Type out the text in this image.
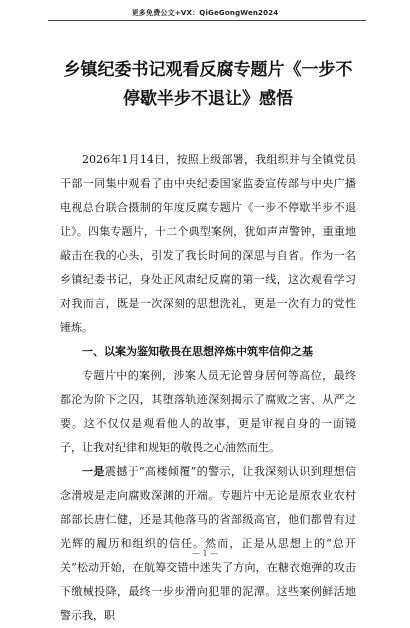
更多免费公文+VX：QiGeGongWen2024
乡镇纪委书记观看反腐专题片《一步不停歇半步不退让》感悟

2026年1月14日，按照上级部署，我组织并与全镇党员干部一同集中观看了由中央纪委国家监委宣传部与中央广播电视总台联合摄制的年度反腐专题片《一步不停歇半步不退让》。四集专题片，十二个典型案例，犹如声声警钟，重重地敲击在我的心头，引发了我长时间的深思与自省。作为一名乡镇纪委书记，身处正风肃纪反腐的第一线，这次观看学习对我而言，既是一次深刻的思想洗礼，更是一次有力的党性锤炼。

一、以案为鉴知敬畏在思想淬炼中筑牢信仰之基

专题片中的案例，涉案人员无论曾身居何等高位，最终都沦为阶下之囚，其堕落轨迹深刻揭示了腐败之害、从严之要。这不仅仅是观看他人的故事，更是审视自身的一面镜子，让我对纪律和规矩的敬畏之心油然而生。

一是震撼于“高楼倾覆”的警示，让我深刻认识到理想信念滑坡是走向腐败深渊的开端。专题片中无论是原农业农村部部长唐仁健，还是其他落马的省部级高官，他们都曾有过光辉的履历和组织的信任。然而，正是从思想上的“总开关”松动开始，在航筹交错中迷失了方向，在糖衣炮弹的攻击下缴械投降，最终一步步滑向犯罪的泥潭。这些案例鲜活地警示我，职

— 1 —
